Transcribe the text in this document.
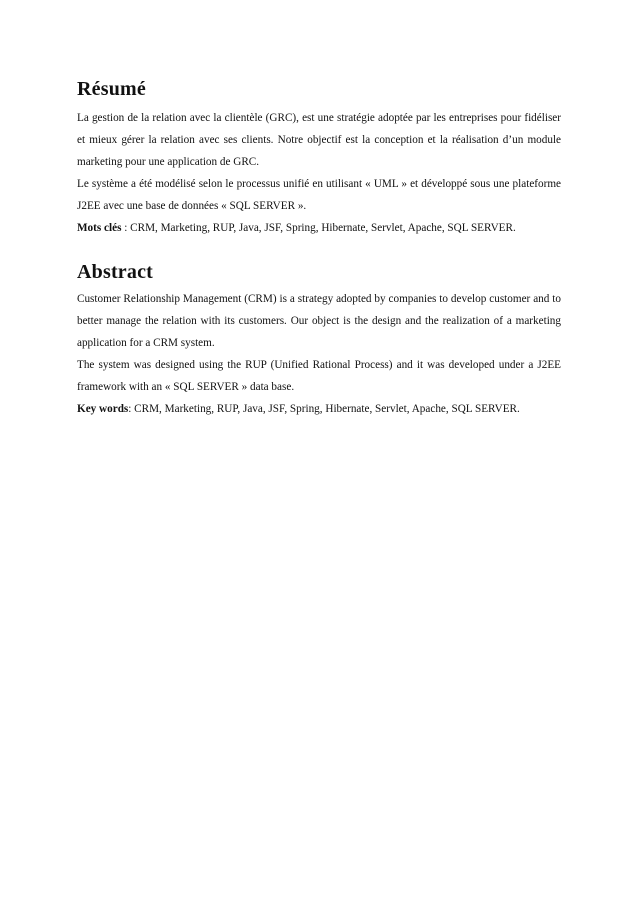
Résumé

La gestion de la relation avec la clientèle (GRC), est une stratégie adoptée par les entreprises pour fidéliser et mieux gérer la relation avec ses clients. Notre objectif est la conception et la réalisation d’un module marketing pour une application de GRC.

Le système a été modélisé selon le processus unifié en utilisant « UML » et développé sous une plateforme J2EE avec une base de données « SQL SERVER ».

Mots clés : CRM, Marketing, RUP, Java, JSF, Spring, Hibernate, Servlet, Apache, SQL SERVER.

Abstract

Customer Relationship Management (CRM) is a strategy adopted by companies to develop customer and to better manage the relation with its customers. Our object is the design and the realization of a marketing application for a CRM system.

The system was designed using the RUP (Unified Rational Process) and it was developed under a J2EE framework with an « SQL SERVER » data base.

Key words: CRM, Marketing, RUP, Java, JSF, Spring, Hibernate, Servlet, Apache, SQL SERVER.
